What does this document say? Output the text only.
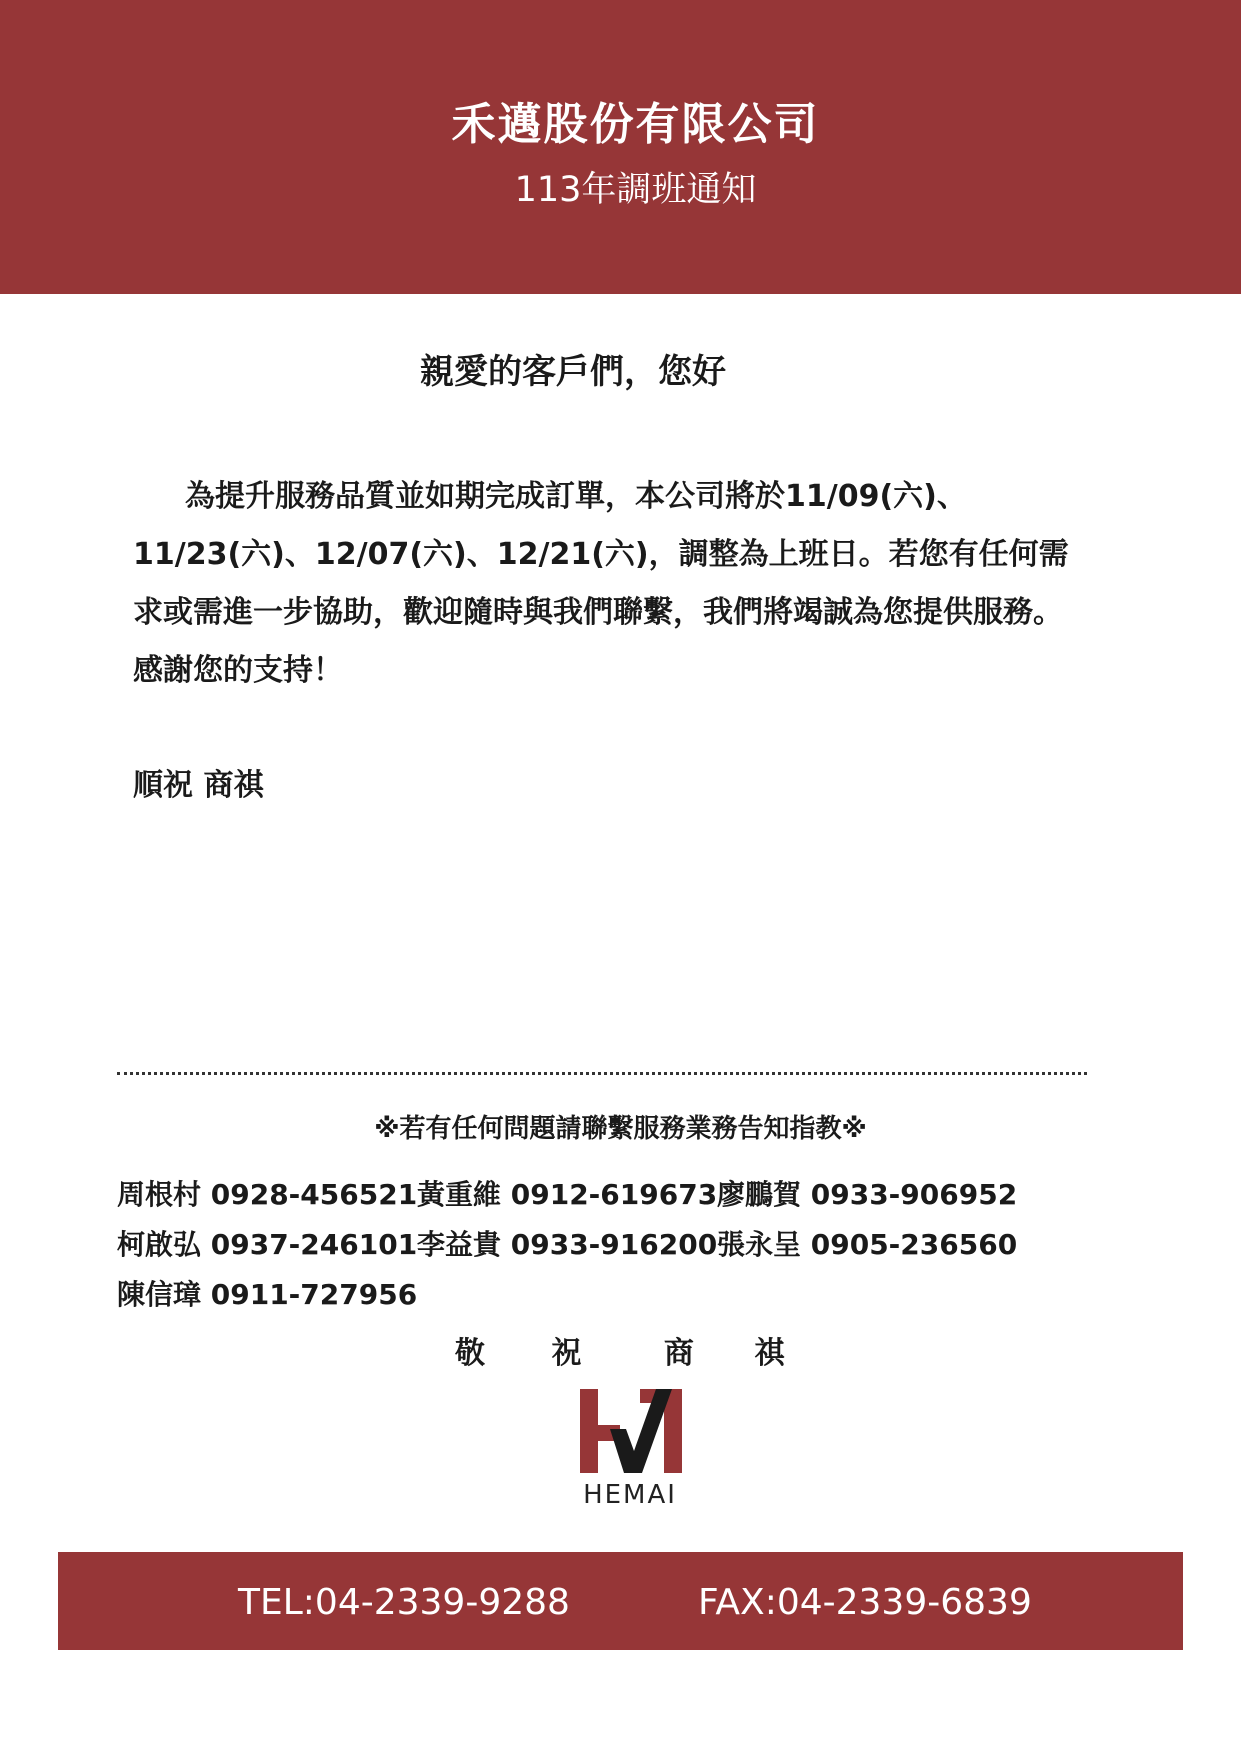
禾邁股份有限公司
113年調班通知
親愛的客戶們，您好

為提升服務品質並如期完成訂單，本公司將於11/09(六)、

11/23(六)、12/07(六)、12/21(六)，調整為上班日。若您有任何需

求或需進一步協助，歡迎隨時與我們聯繫，我們將竭誠為您提供服務。

感謝您的支持！

順祝 商祺
※若有任何問題請聯繫服務業務告知指教※
周根村 0928-456521 黃重維 0912-619673 廖鵬賀 0933-906952
柯啟弘 0937-246101 李益貴 0933-916200 張永呈 0905-236560
陳信璋 0911-727956
敬 祝	商 祺
HEMAI
TEL:04-2339-9288	FAX:04-2339-6839
